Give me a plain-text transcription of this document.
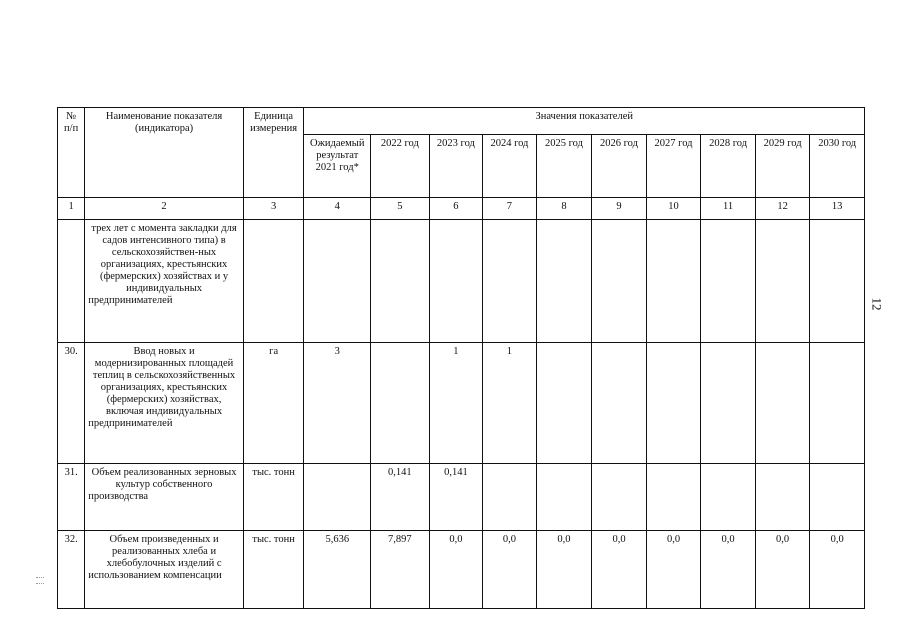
№ п/п	Наименование показателя (индикатора)	Единица измерения	Значения показателей									
			Ожидаемый результат 2021 год*	2022 год	2023 год	2024 год	2025 год	2026 год	2027 год	2028 год	2029 год	2030 год
1	2	3	4	5	6	7	8	9	10	11	12	13
	трех лет с момента закладки для садов интенсивного типа) в сельскохозяйствен-ных организациях, крестьянских (фермерских) хозяйствах и у индивидуальных предпринимателей											
30.	Ввод новых и модернизированных площадей теплиц в сельскохозяйственных организациях, крестьянских (фермерских) хозяйствах, включая индивидуальных предпринимателей	га	3		1	1						
31.	Объем реализованных зерновых культур собственного производства	тыс. тонн		0,141	0,141							
32.	Объем произведенных и реализованных хлеба и хлебобулочных изделий с использованием компенсации	тыс. тонн	5,636	7,897	0,0	0,0	0,0	0,0	0,0	0,0	0,0	0,0
12
